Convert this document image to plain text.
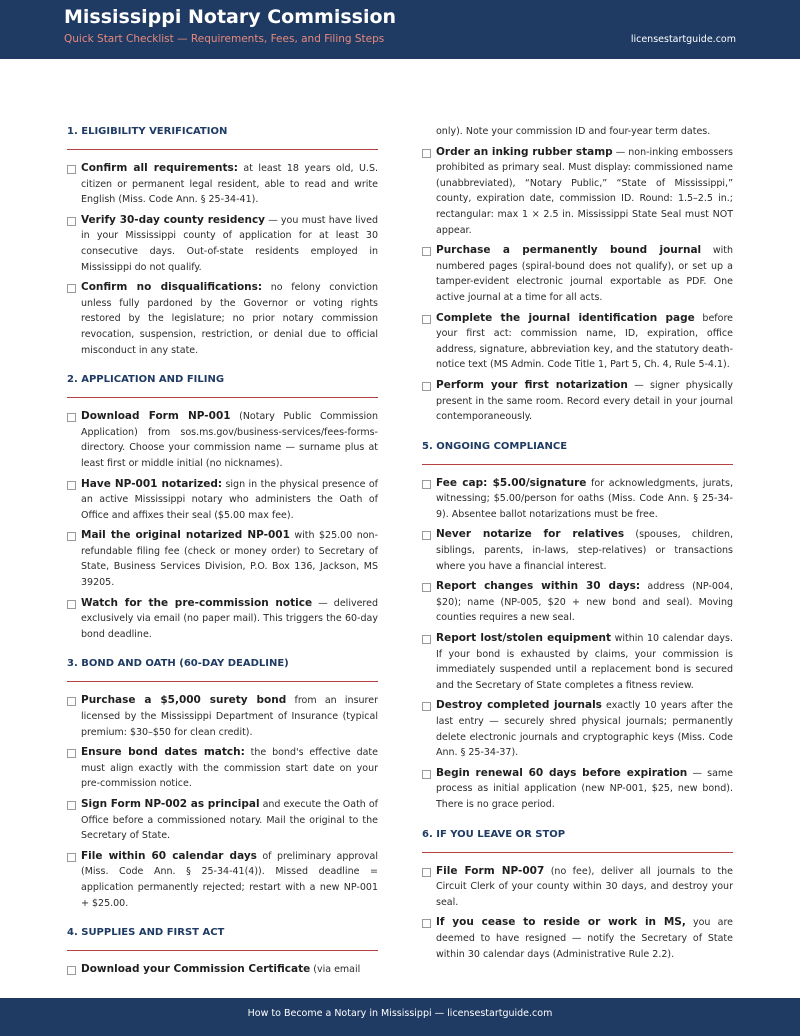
Mississippi Notary Commission
Quick Start Checklist — Requirements, Fees, and Filing Steps	licensestartguide.com
1. ELIGIBILITY VERIFICATION
Confirm all requirements: at least 18 years old, U.S. citizen or permanent legal resident, able to read and write English (Miss. Code Ann. § 25-34-41).
Verify 30-day county residency — you must have lived in your Mississippi county of application for at least 30 consecutive days. Out-of-state residents employed in Mississippi do not qualify.
Confirm no disqualifications: no felony conviction unless fully pardoned by the Governor or voting rights restored by the legislature; no prior notary commission revocation, suspension, restriction, or denial due to official misconduct in any state.
2. APPLICATION AND FILING
Download Form NP-001 (Notary Public Commission Application) from sos.ms.gov/business-services/fees-forms-directory. Choose your commission name — surname plus at least first or middle initial (no nicknames).
Have NP-001 notarized: sign in the physical presence of an active Mississippi notary who administers the Oath of Office and affixes their seal ($5.00 max fee).
Mail the original notarized NP-001 with $25.00 non-refundable filing fee (check or money order) to Secretary of State, Business Services Division, P.O. Box 136, Jackson, MS 39205.
Watch for the pre-commission notice — delivered exclusively via email (no paper mail). This triggers the 60-day bond deadline.
3. BOND AND OATH (60-DAY DEADLINE)
Purchase a $5,000 surety bond from an insurer licensed by the Mississippi Department of Insurance (typical premium: $30–$50 for clean credit).
Ensure bond dates match: the bond's effective date must align exactly with the commission start date on your pre-commission notice.
Sign Form NP-002 as principal and execute the Oath of Office before a commissioned notary. Mail the original to the Secretary of State.
File within 60 calendar days of preliminary approval (Miss. Code Ann. § 25-34-41(4)). Missed deadline = application permanently rejected; restart with a new NP-001 + $25.00.
4. SUPPLIES AND FIRST ACT
Download your Commission Certificate (via email
only). Note your commission ID and four-year term dates.
Order an inking rubber stamp — non-inking embossers prohibited as primary seal. Must display: commissioned name (unabbreviated), “Notary Public,” “State of Mississippi,” county, expiration date, commission ID. Round: 1.5–2.5 in.; rectangular: max 1 × 2.5 in. Mississippi State Seal must NOT appear.
Purchase a permanently bound journal with numbered pages (spiral-bound does not qualify), or set up a tamper-evident electronic journal exportable as PDF. One active journal at a time for all acts.
Complete the journal identification page before your first act: commission name, ID, expiration, office address, signature, abbreviation key, and the statutory death-notice text (MS Admin. Code Title 1, Part 5, Ch. 4, Rule 5-4.1).
Perform your first notarization — signer physically present in the same room. Record every detail in your journal contemporaneously.
5. ONGOING COMPLIANCE
Fee cap: $5.00/signature for acknowledgments, jurats, witnessing; $5.00/person for oaths (Miss. Code Ann. § 25-34-9). Absentee ballot notarizations must be free.
Never notarize for relatives (spouses, children, siblings, parents, in-laws, step-relatives) or transactions where you have a financial interest.
Report changes within 30 days: address (NP-004, $20); name (NP-005, $20 + new bond and seal). Moving counties requires a new seal.
Report lost/stolen equipment within 10 calendar days. If your bond is exhausted by claims, your commission is immediately suspended until a replacement bond is secured and the Secretary of State completes a fitness review.
Destroy completed journals exactly 10 years after the last entry — securely shred physical journals; permanently delete electronic journals and cryptographic keys (Miss. Code Ann. § 25-34-37).
Begin renewal 60 days before expiration — same process as initial application (new NP-001, $25, new bond). There is no grace period.
6. IF YOU LEAVE OR STOP
File Form NP-007 (no fee), deliver all journals to the Circuit Clerk of your county within 30 days, and destroy your seal.
If you cease to reside or work in MS, you are deemed to have resigned — notify the Secretary of State within 30 calendar days (Administrative Rule 2.2).
How to Become a Notary in Mississippi — licensestartguide.com
